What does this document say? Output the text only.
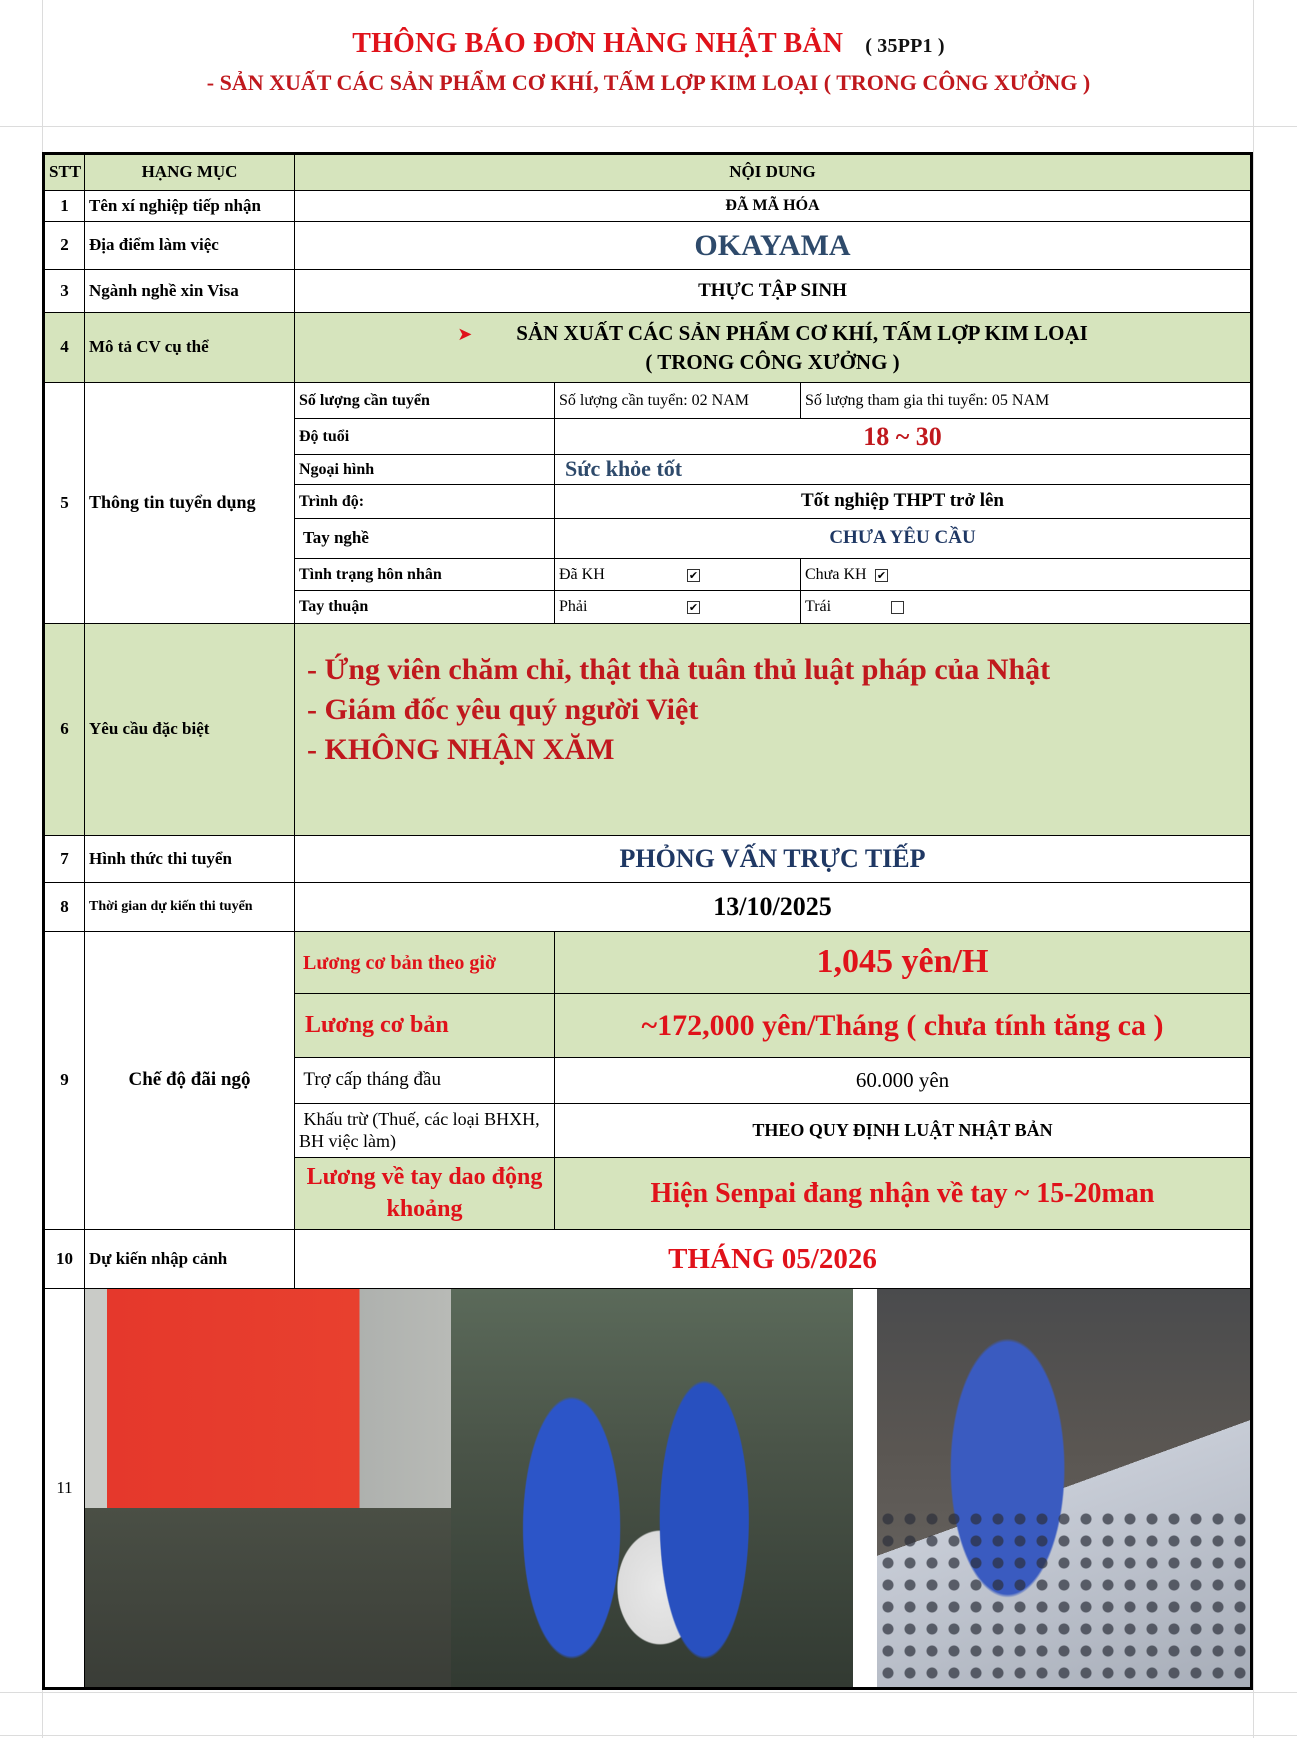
THÔNG BÁO ĐƠN HÀNG NHẬT BẢN ( 35PP1 )
- SẢN XUẤT CÁC SẢN PHẨM CƠ KHÍ, TẤM LỢP KIM LOẠI ( TRONG CÔNG XƯỞNG )
STT	HẠNG MỤC	NỘI DUNG		
1	Tên xí nghiệp tiếp nhận	ĐÃ MÃ HÓA		
2	Địa điểm làm việc	OKAYAMA		
3	Ngành nghề xin Visa	THỰC TẬP SINH		
4	Mô tả CV cụ thể	➤ SẢN XUẤT CÁC SẢN PHẨM CƠ KHÍ, TẤM LỢP KIM LOẠI
( TRONG CÔNG XƯỞNG )		

5	Thông tin tuyển dụng	Số lượng cần tuyển	Số lượng cần tuyển: 02 NAM	Số lượng tham gia thi tuyển: 05 NAM
		Độ tuổi	18 ~ 30	
		Ngoại hình	Sức khỏe tốt	
		Trình độ:	Tốt nghiệp THPT trở lên	
		Tay nghề	CHƯA YÊU CẦU	
		Tình trạng hôn nhân	Đã KH ✔	Chưa KH ✔
		Tay thuận	Phải ✔	Trái
6	Yêu cầu đặc biệt	- Ứng viên chăm chỉ, thật thà tuân thủ luật pháp của Nhật
- Giám đốc yêu quý người Việt
- KHÔNG NHẬN XĂM		

7	Hình thức thi tuyển	PHỎNG VẤN TRỰC TIẾP		
8	Thời gian dự kiến thi tuyển	13/10/2025		
9	Chế độ đãi ngộ	Lương cơ bản theo giờ	1,045 yên/H	
		Lương cơ bản	~172,000 yên/Tháng ( chưa tính tăng ca )	
		Trợ cấp tháng đầu	60.000 yên	
		Khấu trừ (Thuế, các loại BHXH, BH việc làm)	THEO QUY ĐỊNH LUẬT NHẬT BẢN	
		Lương về tay dao động khoảng	Hiện Senpai đang nhận về tay ~ 15-20man	
10	Dự kiến nhập cảnh	THÁNG 05/2026		
11				
